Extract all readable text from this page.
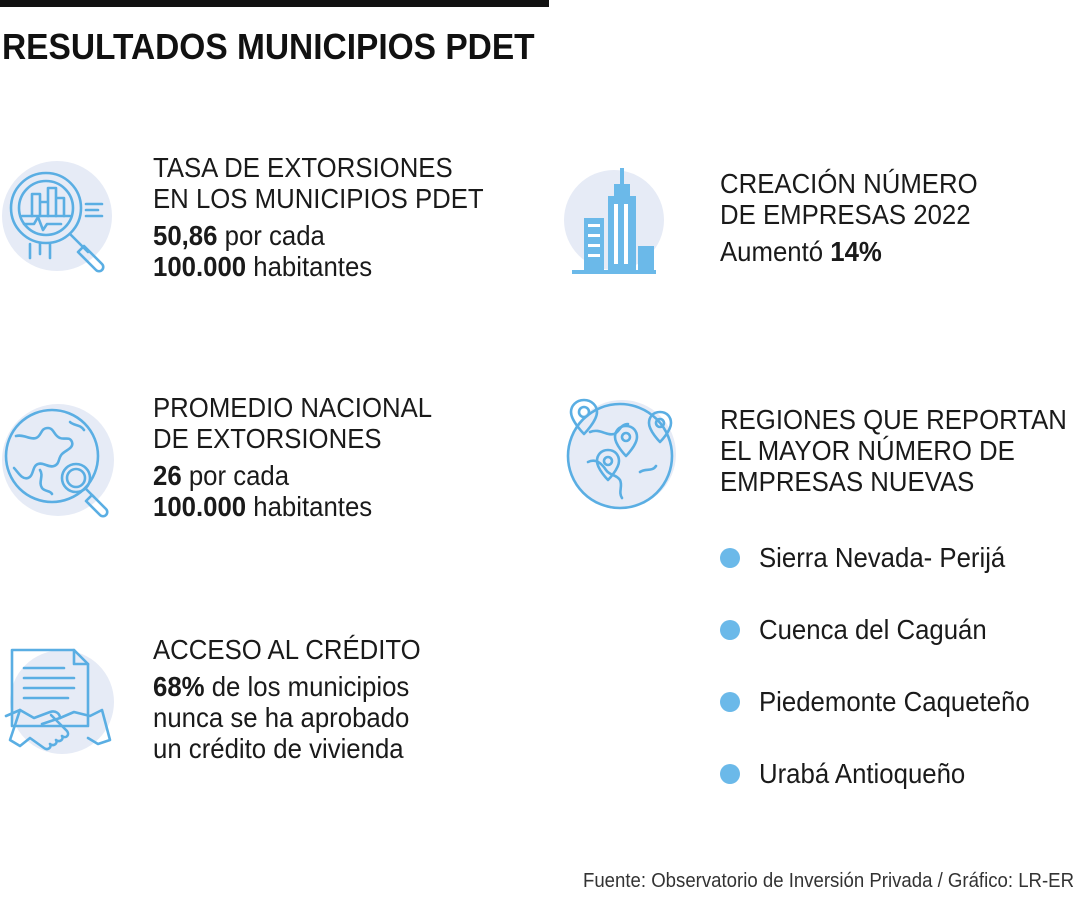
RESULTADOS MUNICIPIOS PDET
TASA DE EXTORSIONES
EN LOS MUNICIPIOS PDET
50,86 por cada
100.000 habitantes
PROMEDIO NACIONAL
DE EXTORSIONES
26 por cada
100.000 habitantes
ACCESO AL CRÉDITO
68% de los municipios
nunca se ha aprobado
un crédito de vivienda
CREACIÓN NÚMERO
DE EMPRESAS 2022
Aumentó 14%
REGIONES QUE REPORTAN
EL MAYOR NÚMERO DE
EMPRESAS NUEVAS
Sierra Nevada- Perijá
Cuenca del Caguán
Piedemonte Caqueteño
Urabá Antioqueño
Fuente: Observatorio de Inversión Privada / Gráfico: LR-ER
